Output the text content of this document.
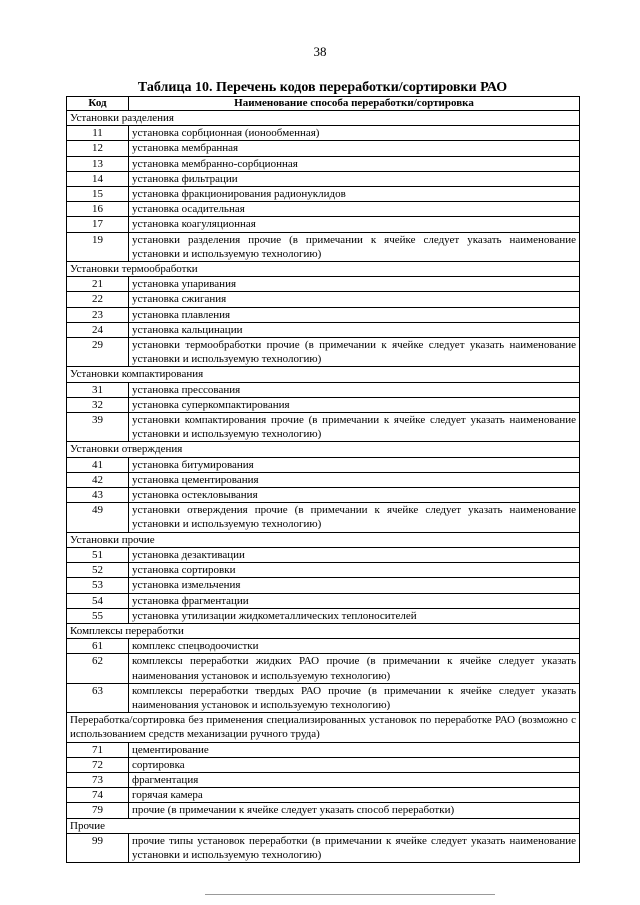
38
Таблица 10. Перечень кодов переработки/сортировки РАО
Код	Наименование способа переработки/сортировка
Установки разделения	
11	установка сорбционная (ионообменная)
12	установка мембранная
13	установка мембранно-сорбционная
14	установка фильтрации
15	установка фракционирования радионуклидов
16	установка осадительная
17	установка коагуляционная
19	установки разделения прочие (в примечании к ячейке следует указать наименование установки и используемую технологию)
Установки термообработки	
21	установка упаривания
22	установка сжигания
23	установка плавления
24	установка кальцинации
29	установки термообработки прочие (в примечании к ячейке следует указать наименование установки и используемую технологию)
Установки компактирования	
31	установка прессования
32	установка суперкомпактирования
39	установки компактирования прочие (в примечании к ячейке следует указать наименование установки и используемую технологию)
Установки отверждения	
41	установка битумирования
42	установка цементирования
43	установка остекловывания
49	установки отверждения прочие (в примечании к ячейке следует указать наименование установки и используемую технологию)
Установки прочие	
51	установка дезактивации
52	установка сортировки
53	установка измельчения
54	установка фрагментации
55	установка утилизации жидкометаллических теплоносителей
Комплексы переработки	
61	комплекс спецводоочистки
62	комплексы переработки жидких РАО прочие (в примечании к ячейке следует указать наименования установок и используемую технологию)
63	комплексы переработки твердых РАО прочие (в примечании к ячейке следует указать наименования установок и используемую технологию)
Переработка/сортировка без применения специализированных установок по переработке РАО (возможно с использованием средств механизации ручного труда)	
71	цементирование
72	сортировка
73	фрагментация
74	горячая камера
79	прочие (в примечании к ячейке следует указать способ переработки)
Прочие	
99	прочие типы установок переработки (в примечании к ячейке следует указать наименование установки и используемую технологию)
